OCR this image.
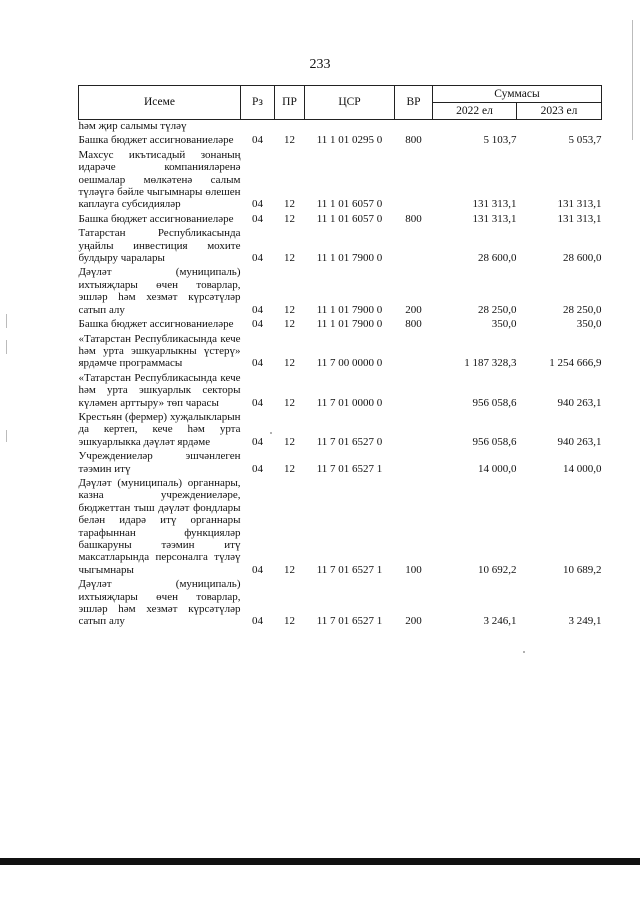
233
Исеме	Рз	ПР	ЦСР	ВР	Суммасы	
					2022 ел	2023 ел
һәм җир салымы түләү						
Башка бюджет ассигнованиеләре	04	12	11 1 01 0295 0	800	5 103,7	5 053,7
Махсус икътисадый зонаның идарәче компанияләренә оешмалар мөлкәтенә салым түләүгә бәйле чыгымнары өлешен каплауга субсидияләр	04	12	11 1 01 6057 0		131 313,1	131 313,1
Башка бюджет ассигнованиеләре	04	12	11 1 01 6057 0	800	131 313,1	131 313,1
Татарстан Республикасында уңайлы инвестиция мохите булдыру чаралары	04	12	11 1 01 7900 0		28 600,0	28 600,0
Дәүләт (муниципаль) ихтыяҗлары өчен товарлар, эшләр һәм хезмәт күрсәтүләр сатып алу	04	12	11 1 01 7900 0	200	28 250,0	28 250,0
Башка бюджет ассигнованиеләре	04	12	11 1 01 7900 0	800	350,0	350,0
«Татарстан Республикасында кече һәм урта эшкуарлыкны үстерү» ярдәмче программасы	04	12	11 7 00 0000 0		1 187 328,3	1 254 666,9
«Татарстан Республикасында кече һәм урта эшкуарлык секторы күләмен арттыру» төп чарасы	04	12	11 7 01 0000 0		956 058,6	940 263,1
Крестьян (фермер) хуҗалыкларын да кертеп, кече һәм урта эшкуарлыкка дәүләт ярдәме	04	12	11 7 01 6527 0		956 058,6	940 263,1
Учреждениеләр эшчәнлеген тәэмин итү	04	12	11 7 01 6527 1		14 000,0	14 000,0
Дәүләт (муниципаль) органнары, казна учреждениеләре, бюджеттан тыш дәүләт фондлары белән идарә итү органнары тарафыннан функцияләр башкаруны тәэмин итү максатларында персоналга түләү чыгымнары	04	12	11 7 01 6527 1	100	10 692,2	10 689,2
Дәүләт (муниципаль) ихтыяҗлары өчен товарлар, эшләр һәм хезмәт күрсәтүләр сатып алу	04	12	11 7 01 6527 1	200	3 246,1	3 249,1
